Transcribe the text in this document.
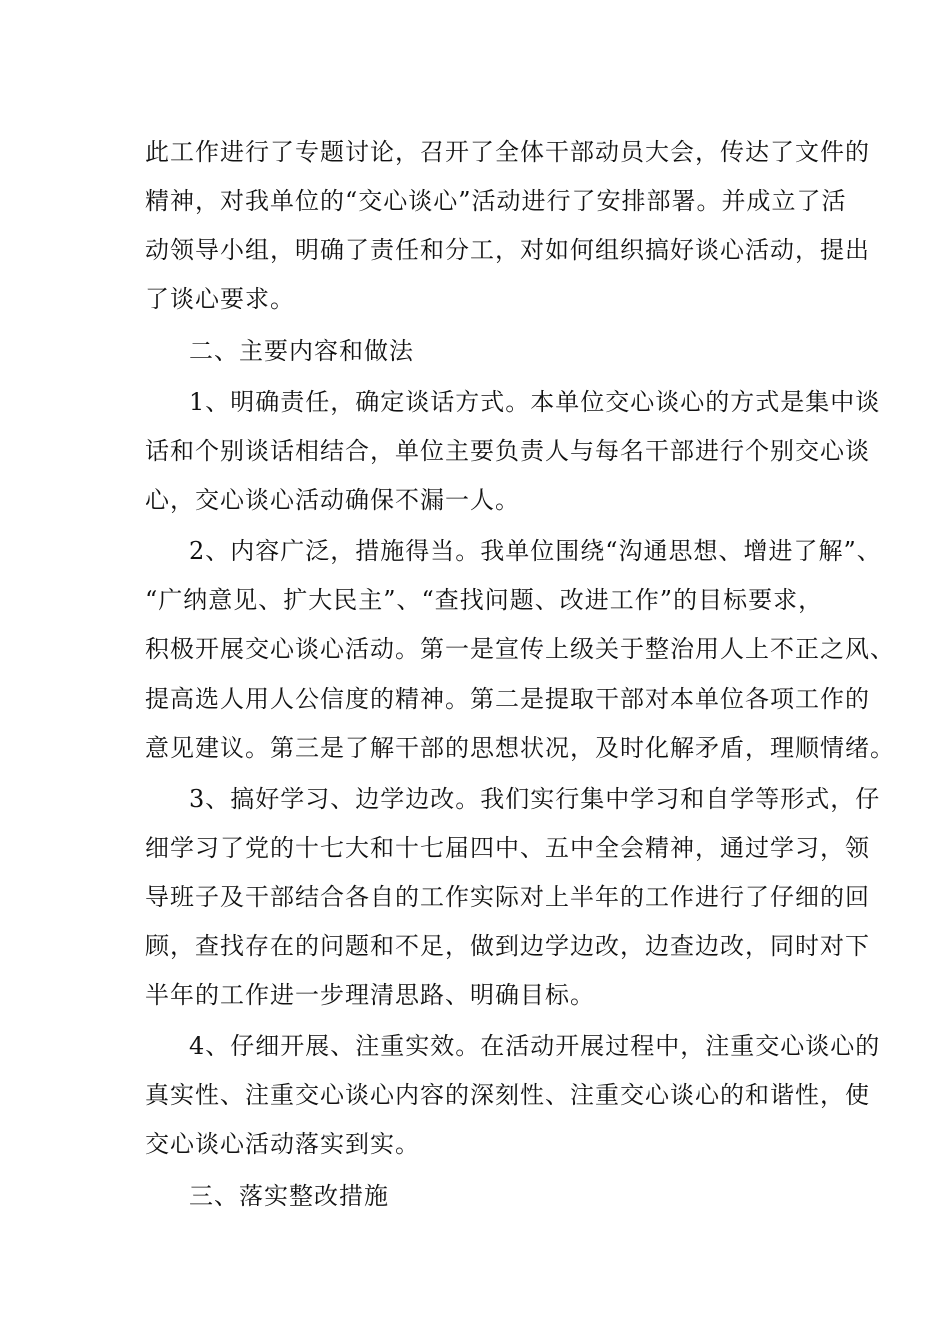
此工作进行了专题讨论，召开了全体干部动员大会，传达了文件的
精神，对我单位的“交心谈心”活动进行了安排部署。并成立了活
动领导小组，明确了责任和分工，对如何组织搞好谈心活动，提出
了谈心要求。
二、主要内容和做法
1、明确责任，确定谈话方式。本单位交心谈心的方式是集中谈
话和个别谈话相结合，单位主要负责人与每名干部进行个别交心谈
心，交心谈心活动确保不漏一人。
2、内容广泛，措施得当。我单位围绕“沟通思想、增进了解”、
“广纳意见、扩大民主”、“查找问题、改进工作”的目标要求，
积极开展交心谈心活动。第一是宣传上级关于整治用人上不正之风、
提高选人用人公信度的精神。第二是提取干部对本单位各项工作的
意见建议。第三是了解干部的思想状况，及时化解矛盾，理顺情绪。
3、搞好学习、边学边改。我们实行集中学习和自学等形式，仔
细学习了党的十七大和十七届四中、五中全会精神，通过学习，领
导班子及干部结合各自的工作实际对上半年的工作进行了仔细的回
顾，查找存在的问题和不足，做到边学边改，边查边改，同时对下
半年的工作进一步理清思路、明确目标。
4、仔细开展、注重实效。在活动开展过程中，注重交心谈心的
真实性、注重交心谈心内容的深刻性、注重交心谈心的和谐性，使
交心谈心活动落实到实。
三、落实整改措施
